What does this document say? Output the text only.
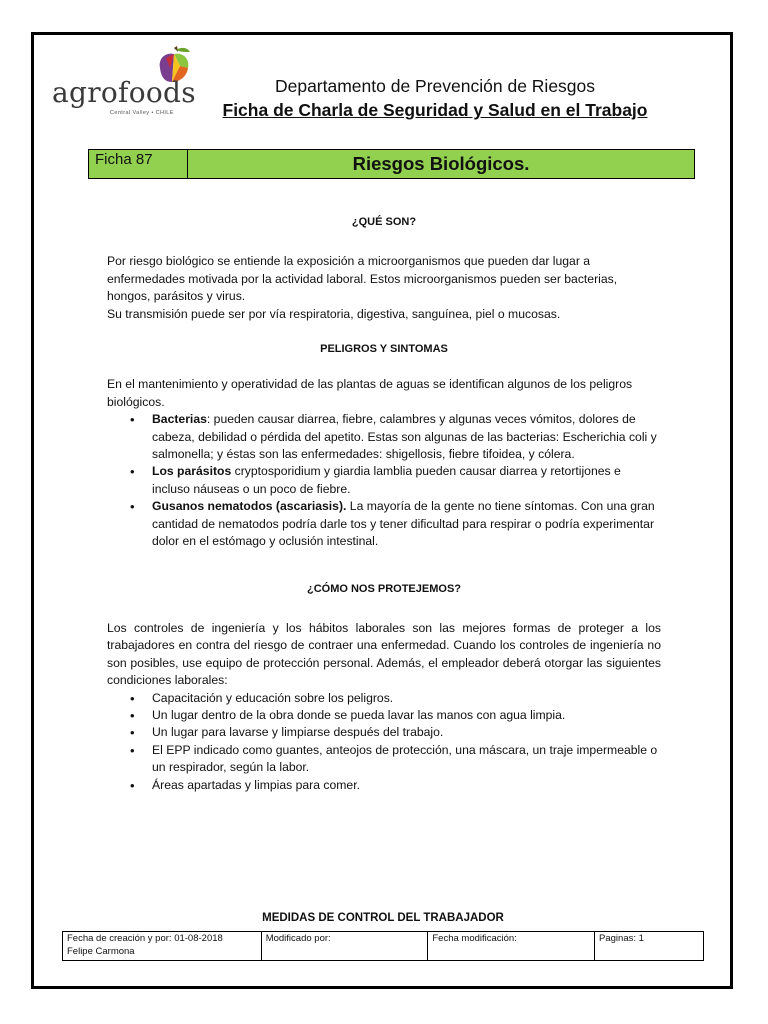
agrofoods
Central Valley • CHILE
Departamento de Prevención de Riesgos
Ficha de Charla de Seguridad y Salud en el Trabajo
Ficha 87	Riesgos Biológicos.

¿QUÉ SON?

Por riesgo biológico se entiende la exposición a microorganismos que pueden dar lugar a enfermedades motivada por la actividad laboral. Estos microorganismos pueden ser bacterias, hongos, parásitos y virus.

Su transmisión puede ser por vía respiratoria, digestiva, sanguínea, piel o mucosas.

PELIGROS Y SINTOMAS

En el mantenimiento y operatividad de las plantas de aguas se identifican algunos de los peligros biológicos.

• Bacterias: pueden causar diarrea, fiebre, calambres y algunas veces vómitos, dolores de cabeza, debilidad o pérdida del apetito. Estas son algunas de las bacterias: Escherichia coli y salmonella; y éstas son las enfermedades: shigellosis, fiebre tifoidea, y cólera.
• Los parásitos cryptosporidium y giardia lamblia pueden causar diarrea y retortijones e incluso náuseas o un poco de fiebre.
• Gusanos nematodos (ascariasis). La mayoría de la gente no tiene síntomas. Con una gran cantidad de nematodos podría darle tos y tener dificultad para respirar o podría experimentar dolor en el estómago y oclusión intestinal.

¿CÓMO NOS PROTEJEMOS?

Los controles de ingeniería y los hábitos laborales son las mejores formas de proteger a los trabajadores en contra del riesgo de contraer una enfermedad. Cuando los controles de ingeniería no son posibles, use equipo de protección personal. Además, el empleador deberá otorgar las siguientes condiciones laborales:

• Capacitación y educación sobre los peligros.
• Un lugar dentro de la obra donde se pueda lavar las manos con agua limpia.
• Un lugar para lavarse y limpiarse después del trabajo.
• El EPP indicado como guantes, anteojos de protección, una máscara, un traje impermeable o un respirador, según la labor.
• Áreas apartadas y limpias para comer.
MEDIDAS DE CONTROL DEL TRABAJADOR
Fecha de creación y por: 01-08-2018
Felipe Carmona
	Modificado por:	Fecha modificación:	Paginas: 1
